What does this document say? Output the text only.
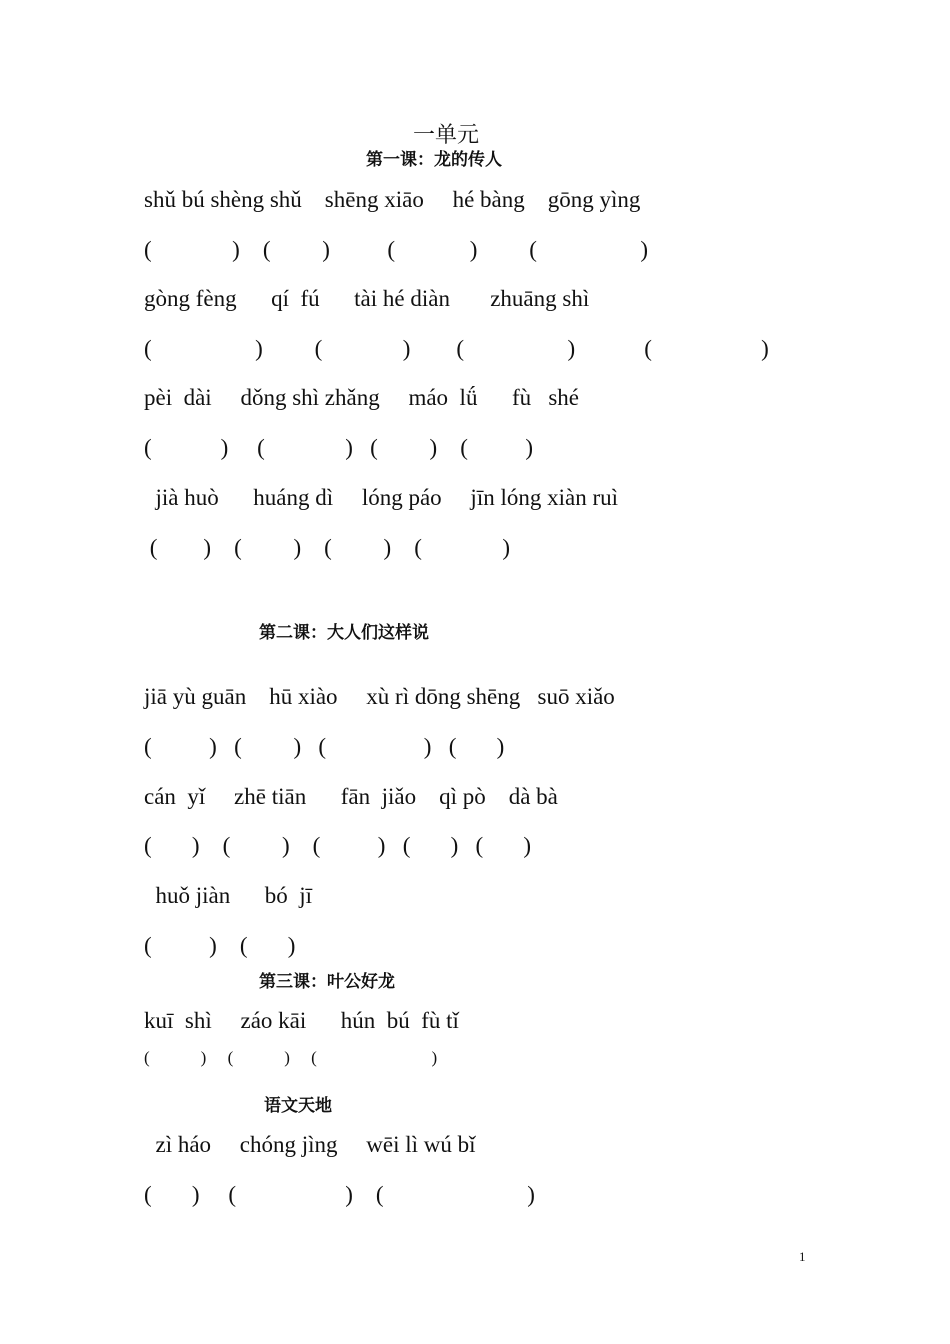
一单元
第一课：龙的传人
shǔ bú shèng shǔ    shēng xiāo     hé bàng    gōng yìng
(              )    (         )          (             )         (                  )
gòng fèng      qí  fú      tài hé diàn       zhuāng shì
(                  )         (              )        (                  )            (                   )
pèi  dài     dǒng shì zhǎng     máo  lǘ      fù   shé
(            )     (              )   (         )    (          )
jià huò      huáng dì     lóng páo     jīn lóng xiàn ruì
(        )    (         )    (         )    (              )
第二课：大人们这样说
jiā yù guān    hū xiào     xù rì dōng shēng   suō xiǎo
(          )   (         )   (                 )   (       )
cán  yǐ     zhē tiān      fān  jiǎo    qì pò    dà bà
(       )    (         )    (          )   (       )   (       )
huǒ jiàn      bó  jī
(          )    (       )
第三课：叶公好龙
kuī  shì     záo kāi      hún  bú  fù tǐ
(            )     (            )     (                           )
语文天地
zì háo     chóng jìng     wēi lì wú bǐ
(       )     (                   )    (                         )
1
